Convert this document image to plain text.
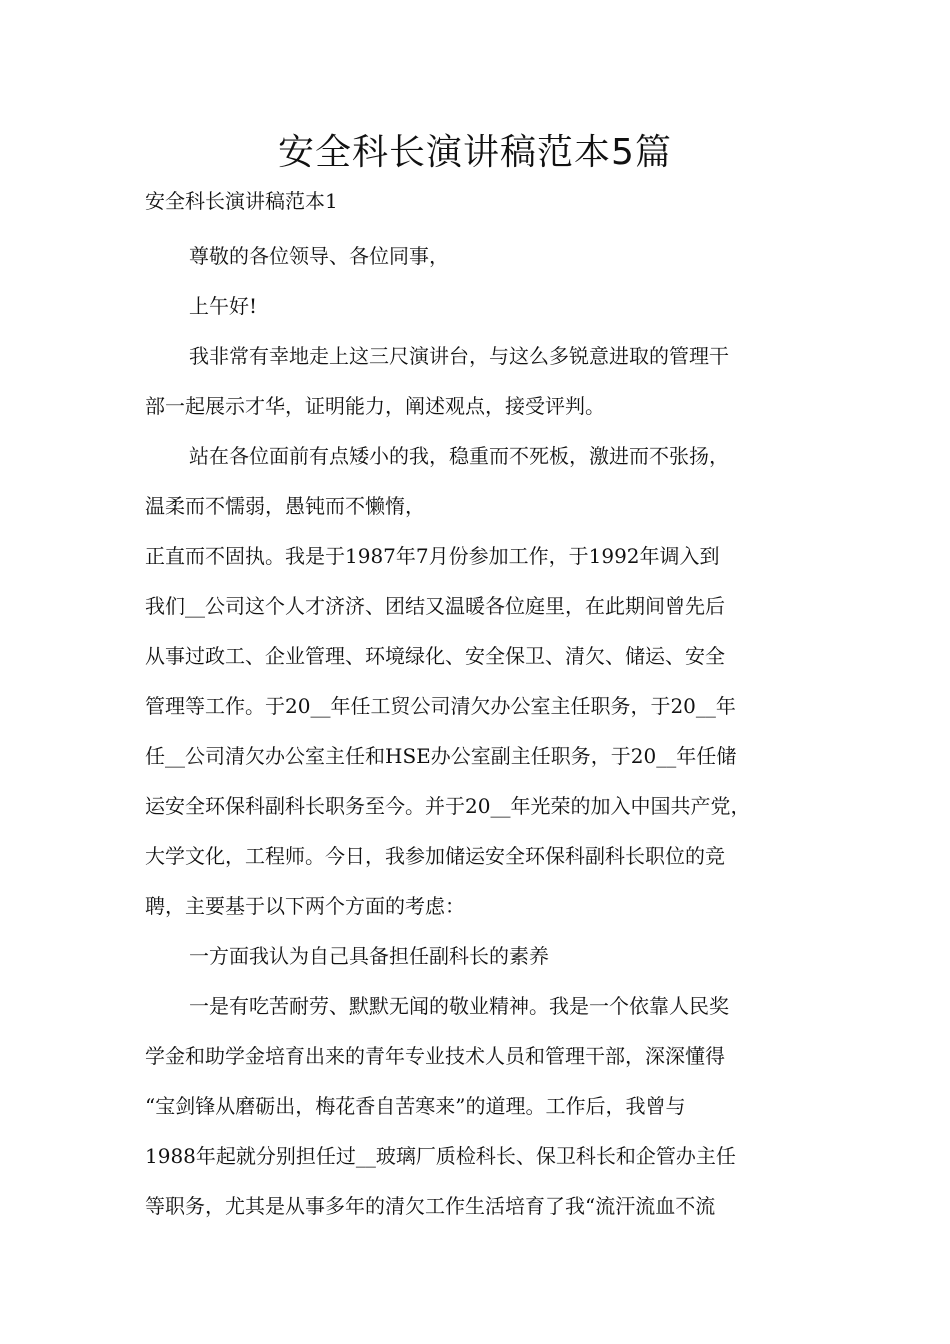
安全科长演讲稿范本5篇

安全科长演讲稿范本1

尊敬的各位领导、各位同事，

上午好!

我非常有幸地走上这三尺演讲台，与这么多锐意进取的管理干

部一起展示才华，证明能力，阐述观点，接受评判。

站在各位面前有点矮小的我，稳重而不死板，激进而不张扬，

温柔而不懦弱，愚钝而不懒惰，

正直而不固执。我是于1987年7月份参加工作，于1992年调入到

我们__公司这个人才济济、团结又温暖各位庭里，在此期间曾先后

从事过政工、企业管理、环境绿化、安全保卫、清欠、储运、安全

管理等工作。于20__年任工贸公司清欠办公室主任职务，于20__年

任__公司清欠办公室主任和HSE办公室副主任职务，于20__年任储

运安全环保科副科长职务至今。并于20__年光荣的加入中国共产党，

大学文化，工程师。今日，我参加储运安全环保科副科长职位的竞

聘，主要基于以下两个方面的考虑：

一方面我认为自己具备担任副科长的素养

一是有吃苦耐劳、默默无闻的敬业精神。我是一个依靠人民奖

学金和助学金培育出来的青年专业技术人员和管理干部，深深懂得

“宝剑锋从磨砺出，梅花香自苦寒来”的道理。工作后，我曾与

1988年起就分别担任过__玻璃厂质检科长、保卫科长和企管办主任

等职务，尤其是从事多年的清欠工作生活培育了我“流汗流血不流
